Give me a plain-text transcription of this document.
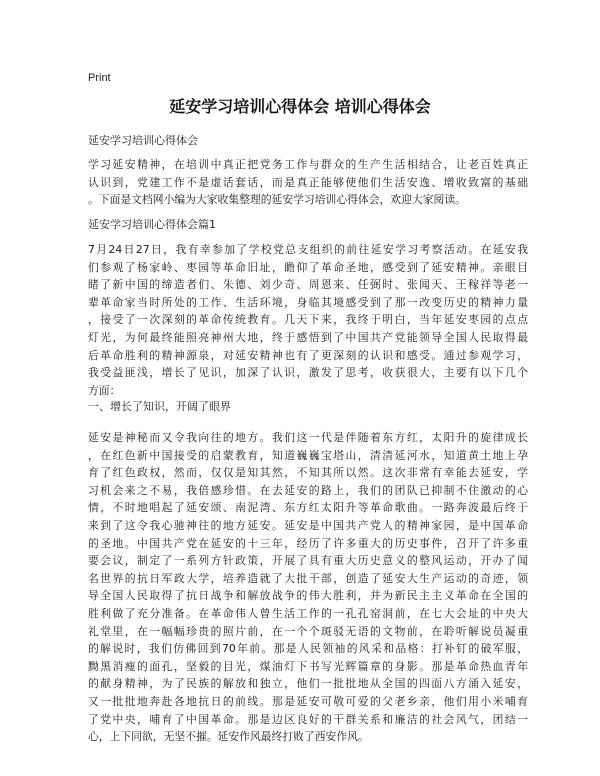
Print
延安学习培训心得体会 培训心得体会

延安学习培训心得体会

学习延安精神，在培训中真正把党务工作与群众的生产生活相结合，让老百姓真正
认识到，党建工作不是虚话套话，而是真正能够使他们生活安逸、增收致富的基础
。下面是文档网小编为大家收集整理的延安学习培训心得体会，欢迎大家阅读。

延安学习培训心得体会篇1

7月24日27日，我有幸参加了学校党总支组织的前往延安学习考察活动。在延安我
们参观了杨家岭、枣园等革命旧址，瞻仰了革命圣地，感受到了延安精神。亲眼目
睹了新中国的缔造者们、朱德、刘少奇、周恩来、任弼时、张闻天、王稼祥等老一
辈革命家当时所处的工作、生活环境，身临其境感受到了那一改变历史的精神力量
，接受了一次深刻的革命传统教育。几天下来，我终于明白，当年延安枣园的点点
灯光，为何最终能照亮神州大地，终于感悟到了中国共产党能领导全国人民取得最
后革命胜利的精神源泉，对延安精神也有了更深刻的认识和感受。通过参观学习，
我受益匪浅，增长了见识，加深了认识，激发了思考，收获很大，主要有以下几个
方面：

一、增长了知识，开阔了眼界

延安是神秘而又令我向往的地方。我们这一代是伴随着东方红，太阳升的旋律成长
，在红色新中国接受的启蒙教育，知道巍巍宝塔山，清清延河水，知道黄土地上孕
育了红色政权，然而，仅仅是知其然，不知其所以然。这次非常有幸能去延安，学
习机会来之不易，我倍感珍惜。在去延安的路上，我们的团队已抑制不住激动的心
情，不时地唱起了延安颂、南泥湾、东方红太阳升等革命歌曲。一路奔波最后终于
来到了这令我心驰神往的地方延安。延安是中国共产党人的精神家园，是中国革命
的圣地。中国共产党在延安的十三年，经历了许多重大的历史事件，召开了许多重
要会议，制定了一系列方针政策，开展了具有重大历史意义的整风运动，开办了闻
名世界的抗日军政大学，培养造就了大批干部，创造了延安大生产运动的奇迹，领
导全国人民取得了抗日战争和解放战争的伟大胜利，并为新民主主义革命在全国的
胜利做了充分准备。在革命伟人曾生活工作的一孔孔窑洞前，在七大会址的中央大
礼堂里，在一幅幅珍贵的照片前，在一个个斑驳无语的文物前，在聆听解说员凝重
的解说时，我们仿佛回到70年前。那是人民领袖的风采和品格：打补钉的破军服，
黝黑消瘦的面孔，坚毅的目光，煤油灯下书写光辉篇章的身影。那是革命热血青年
的献身精神，为了民族的解放和独立，他们一批批地从全国的四面八方涌入延安，
又一批批地奔赴各地抗日的前线。那是延安可敬可爱的父老乡亲，他们用小米哺育
了党中央，哺育了中国革命。那是边区良好的干群关系和廉洁的社会风气，团结一
心，上下同欲，无坚不摧。延安作风最终打败了西安作风。
